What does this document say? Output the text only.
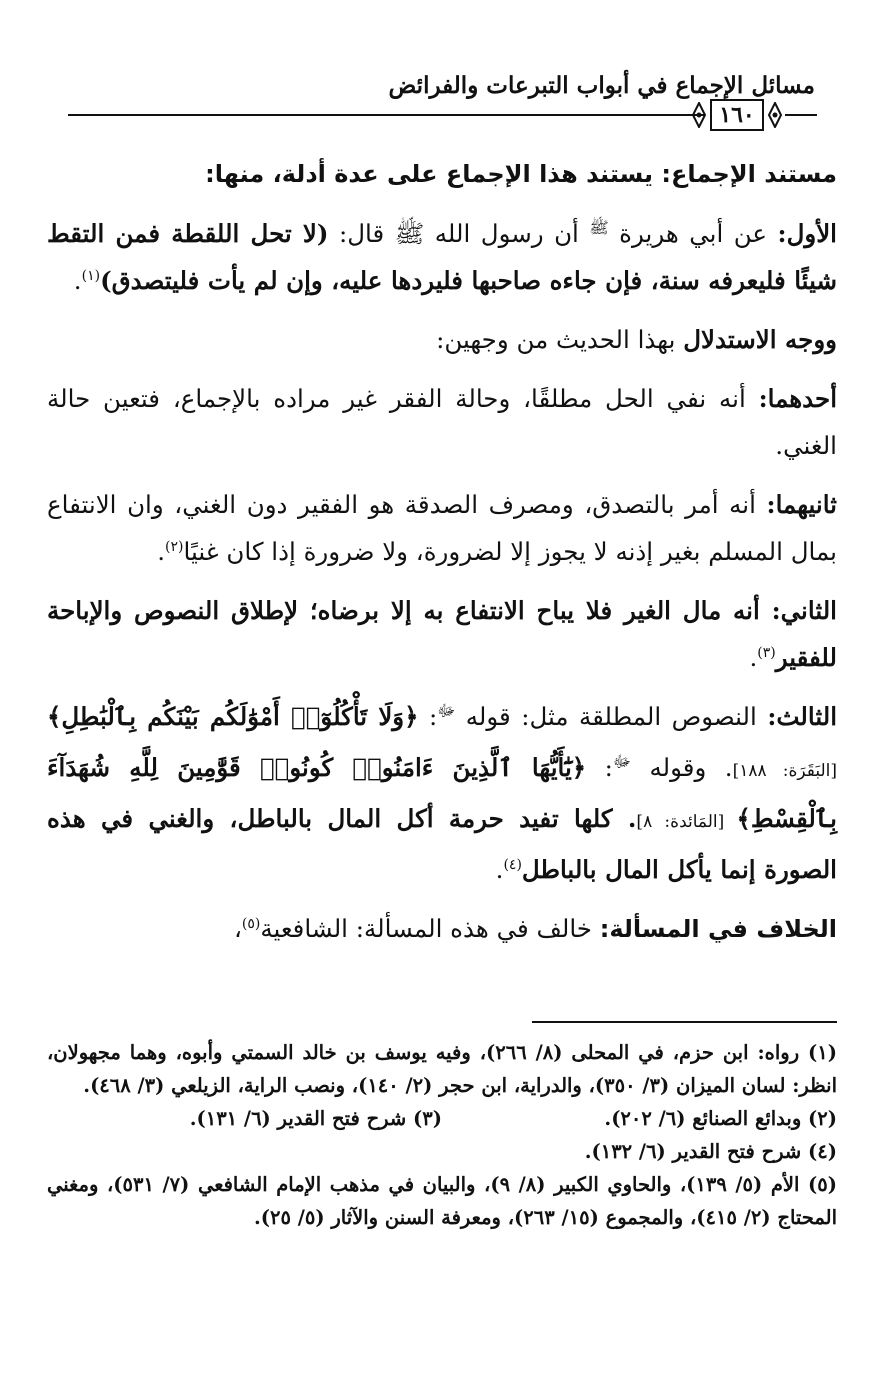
مسائل الإجماع في أبواب التبرعات والفرائض
١٦٠

مستند الإجماع: يستند هذا الإجماع على عدة أدلة، منها:

الأول: عن أبي هريرة $^ﷺ$ أن رسول الله ﷺ قال: (لا تحل اللقطة فمن التقط شيئًا فليعرفه سنة، فإن جاءه صاحبها فليردها عليه، وإن لم يأت فليتصدق)$^{(١)}$.

ووجه الاستدلال بهذا الحديث من وجهين:

أحدهما: أنه نفي الحل مطلقًا، وحالة الفقر غير مراده بالإجماع، فتعين حالة الغني.

ثانيهما: أنه أمر بالتصدق، ومصرف الصدقة هو الفقير دون الغني، وان الانتفاع بمال المسلم بغير إذنه لا يجوز إلا لضرورة، ولا ضرورة إذا كان غنيًا$^{(٢)}$.

الثاني: أنه مال الغير فلا يباح الانتفاع به إلا برضاه؛ لإطلاق النصوص والإباحة للفقير$^{(٣)}$.

الثالث: النصوص المطلقة مثل: قوله $^ﷻ$: ﴿وَلَا تَأْكُلُوٓا۟ أَمْوَٰلَكُم بَيْنَكُم بِٱلْبَٰطِلِ﴾ [البَقَرَة: ١٨٨]. وقوله $^ﷻ$: ﴿يَٰٓأَيُّهَا ٱلَّذِينَ ءَامَنُوا۟ كُونُوا۟ قَوَّٰمِينَ لِلَّهِ شُهَدَآءَ بِٱلْقِسْطِ﴾ [المَائدة: ٨]. كلها تفيد حرمة أكل المال بالباطل، والغني في هذه الصورة إنما يأكل المال بالباطل$^{(٤)}$.

الخلاف في المسألة: خالف في هذه المسألة: الشافعية$^{(٥)}$،

(١) رواه: ابن حزم، في المحلى (٨/ ٢٦٦)، وفيه يوسف بن خالد السمتي وأبوه، وهما مجهولان، انظر: لسان الميزان (٣/ ٣٥٠)، والدراية، ابن حجر (٢/ ١٤٠)، ونصب الراية، الزيلعي (٣/ ٤٦٨).

(٢) وبدائع الصنائع (٦/ ٢٠٢).

(٣) شرح فتح القدير (٦/ ١٣١).

(٤) شرح فتح القدير (٦/ ١٣٢).

(٥) الأم (٥/ ١٣٩)، والحاوي الكبير (٨/ ٩)، والبيان في مذهب الإمام الشافعي (٧/ ٥٣١)، ومغني المحتاج (٢/ ٤١٥)، والمجموع (١٥/ ٢٦٣)، ومعرفة السنن والآثار (٥/ ٢٥).
